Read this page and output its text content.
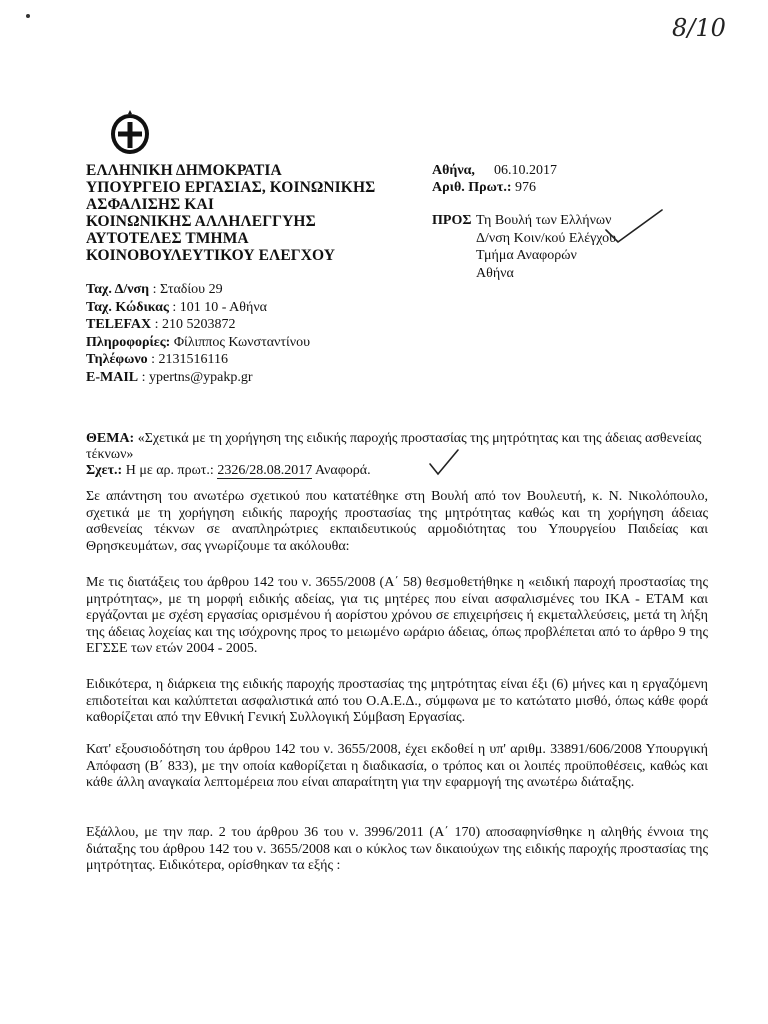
8/10
ΕΛΛΗΝΙΚΗ ΔΗΜΟΚΡΑΤΙΑ
ΥΠΟΥΡΓΕΙΟ ΕΡΓΑΣΙΑΣ, ΚΟΙΝΩΝΙΚΗΣ
ΑΣΦΑΛΙΣΗΣ ΚΑΙ
ΚΟΙΝΩΝΙΚΗΣ ΑΛΛΗΛΕΓΓΥΗΣ
ΑΥΤΟΤΕΛΕΣ ΤΜΗΜΑ
ΚΟΙΝΟΒΟΥΛΕΥΤΙΚΟΥ ΕΛΕΓΧΟΥ
Αθήνα, 06.10.2017
Αριθ. Πρωτ.: 976
ΠΡΟΣ Τη Βουλή των Ελλήνων
Δ/νση Κοιν/κού Ελέγχου
Τμήμα Αναφορών
Αθήνα
Ταχ. Δ/νση : Σταδίου 29
Ταχ. Κώδικας : 101 10 - Αθήνα
TELEFAX : 210 5203872
Πληροφορίες: Φίλιππος Κωνσταντίνου
Τηλέφωνο : 2131516116
E-MAIL : ypertns@ypakp.gr
ΘΕΜΑ: «Σχετικά με τη χορήγηση της ειδικής παροχής προστασίας της μητρότητας και της άδειας ασθενείας τέκνων»
Σχετ.: Η με αρ. πρωτ.: 2326/28.08.2017 Αναφορά.
Σε απάντηση του ανωτέρω σχετικού που κατατέθηκε στη Βουλή από τον Βουλευτή, κ. Ν. Νικολόπουλο, σχετικά με τη χορήγηση ειδικής παροχής προστασίας της μητρότητας καθώς και τη χορήγηση άδειας ασθενείας τέκνων σε αναπληρώτριες εκπαιδευτικούς αρμοδιότητας του Υπουργείου Παιδείας και Θρησκευμάτων, σας γνωρίζουμε τα ακόλουθα:
Με τις διατάξεις του άρθρου 142 του ν. 3655/2008 (Α΄ 58) θεσμοθετήθηκε η «ειδική παροχή προστασίας της μητρότητας», με τη μορφή ειδικής αδείας, για τις μητέρες που είναι ασφαλισμένες του ΙΚΑ - ΕΤΑΜ και εργάζονται με σχέση εργασίας ορισμένου ή αορίστου χρόνου σε επιχειρήσεις ή εκμεταλλεύσεις, μετά τη λήξη της άδειας λοχείας και της ισόχρονης προς το μειωμένο ωράριο άδειας, όπως προβλέπεται από το άρθρο 9 της ΕΓΣΣΕ των ετών 2004 - 2005.
Ειδικότερα, η διάρκεια της ειδικής παροχής προστασίας της μητρότητας είναι έξι (6) μήνες και η εργαζόμενη επιδοτείται και καλύπτεται ασφαλιστικά από του Ο.Α.Ε.Δ., σύμφωνα με το κατώτατο μισθό, όπως κάθε φορά καθορίζεται από την Εθνική Γενική Συλλογική Σύμβαση Εργασίας.
Κατ' εξουσιοδότηση του άρθρου 142 του ν. 3655/2008, έχει εκδοθεί η υπ' αριθμ. 33891/606/2008 Υπουργική Απόφαση (Β΄ 833), με την οποία καθορίζεται η διαδικασία, ο τρόπος και οι λοιπές προϋποθέσεις, καθώς και κάθε άλλη αναγκαία λεπτομέρεια που είναι απαραίτητη για την εφαρμογή της ανωτέρω διάταξης.
Εξάλλου, με την παρ. 2 του άρθρου 36 του ν. 3996/2011 (Α΄ 170) αποσαφηνίσθηκε η αληθής έννοια της διάταξης του άρθρου 142 του ν. 3655/2008 και ο κύκλος των δικαιούχων της ειδικής παροχής προστασίας της μητρότητας. Ειδικότερα, ορίσθηκαν τα εξής :
